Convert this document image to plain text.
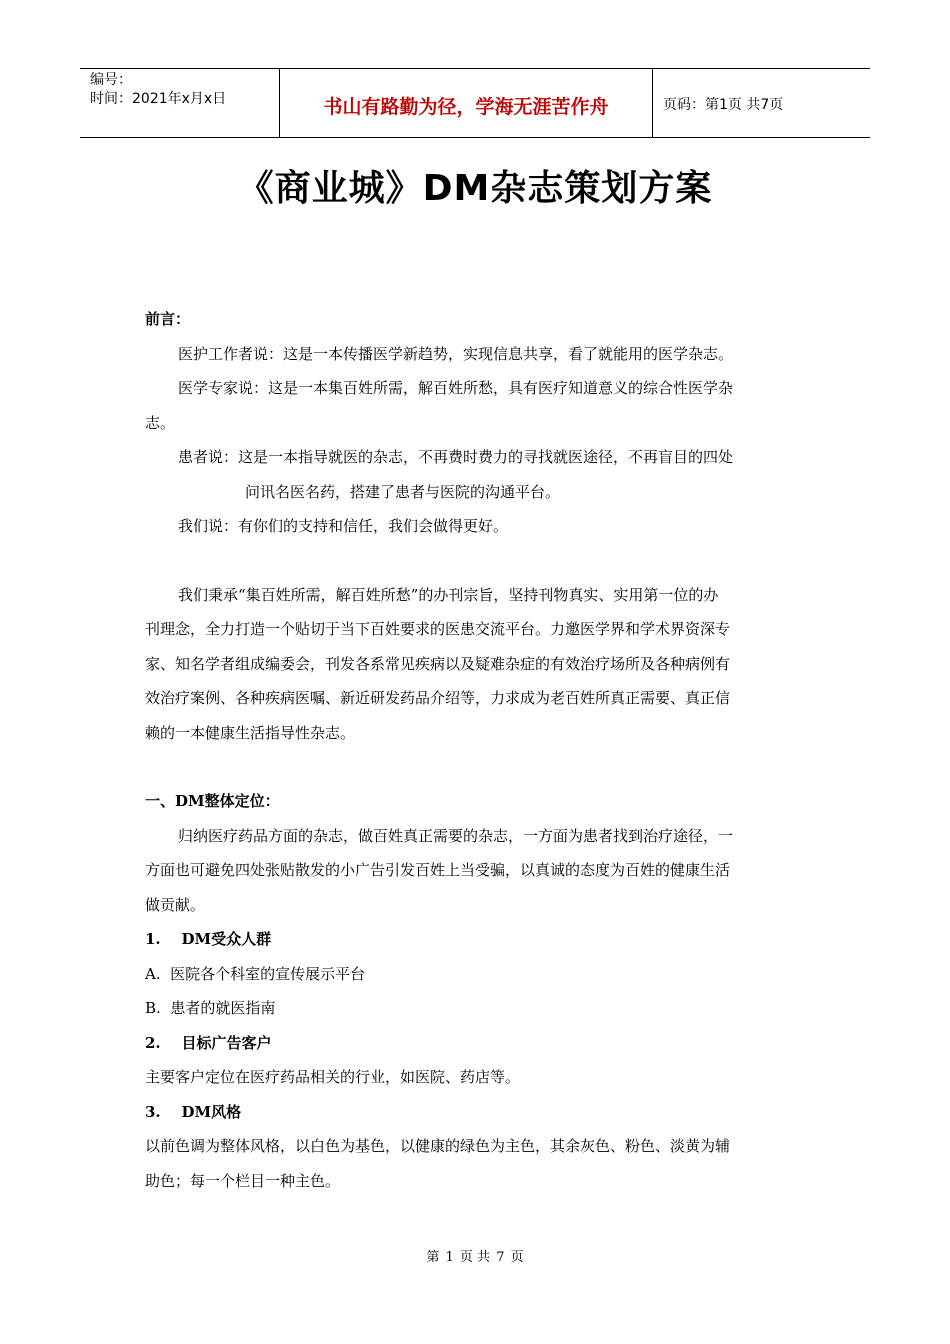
编号：
时间：2021年x月x日	书山有路勤为径，学海无涯苦作舟	页码：第1页 共7页
《商业城》DM杂志策划方案

前言：

医护工作者说：这是一本传播医学新趋势，实现信息共享，看了就能用的医学杂志。

医学专家说：这是一本集百姓所需，解百姓所愁，具有医疗知道意义的综合性医学杂

志。

患者说：这是一本指导就医的杂志，不再费时费力的寻找就医途径，不再盲目的四处

问讯名医名药，搭建了患者与医院的沟通平台。

我们说：有你们的支持和信任，我们会做得更好。

我们秉承“集百姓所需，解百姓所愁”的办刊宗旨，坚持刊物真实、实用第一位的办

刊理念，全力打造一个贴切于当下百姓要求的医患交流平台。力邀医学界和学术界资深专

家、知名学者组成编委会，刊发各系常见疾病以及疑难杂症的有效治疗场所及各种病例有

效治疗案例、各种疾病医嘱、新近研发药品介绍等，力求成为老百姓所真正需要、真正信

赖的一本健康生活指导性杂志。

一、DM整体定位：

归纳医疗药品方面的杂志，做百姓真正需要的杂志，一方面为患者找到治疗途径，一

方面也可避免四处张贴散发的小广告引发百姓上当受骗，以真诚的态度为百姓的健康生活

做贡献。

1.    DM受众人群

A.  医院各个科室的宣传展示平台

B.  患者的就医指南

2.    目标广告客户

主要客户定位在医疗药品相关的行业，如医院、药店等。

3.    DM风格

以前色调为整体风格，以白色为基色，以健康的绿色为主色，其余灰色、粉色、淡黄为辅

助色；每一个栏目一种主色。

第 1 页 共 7 页
